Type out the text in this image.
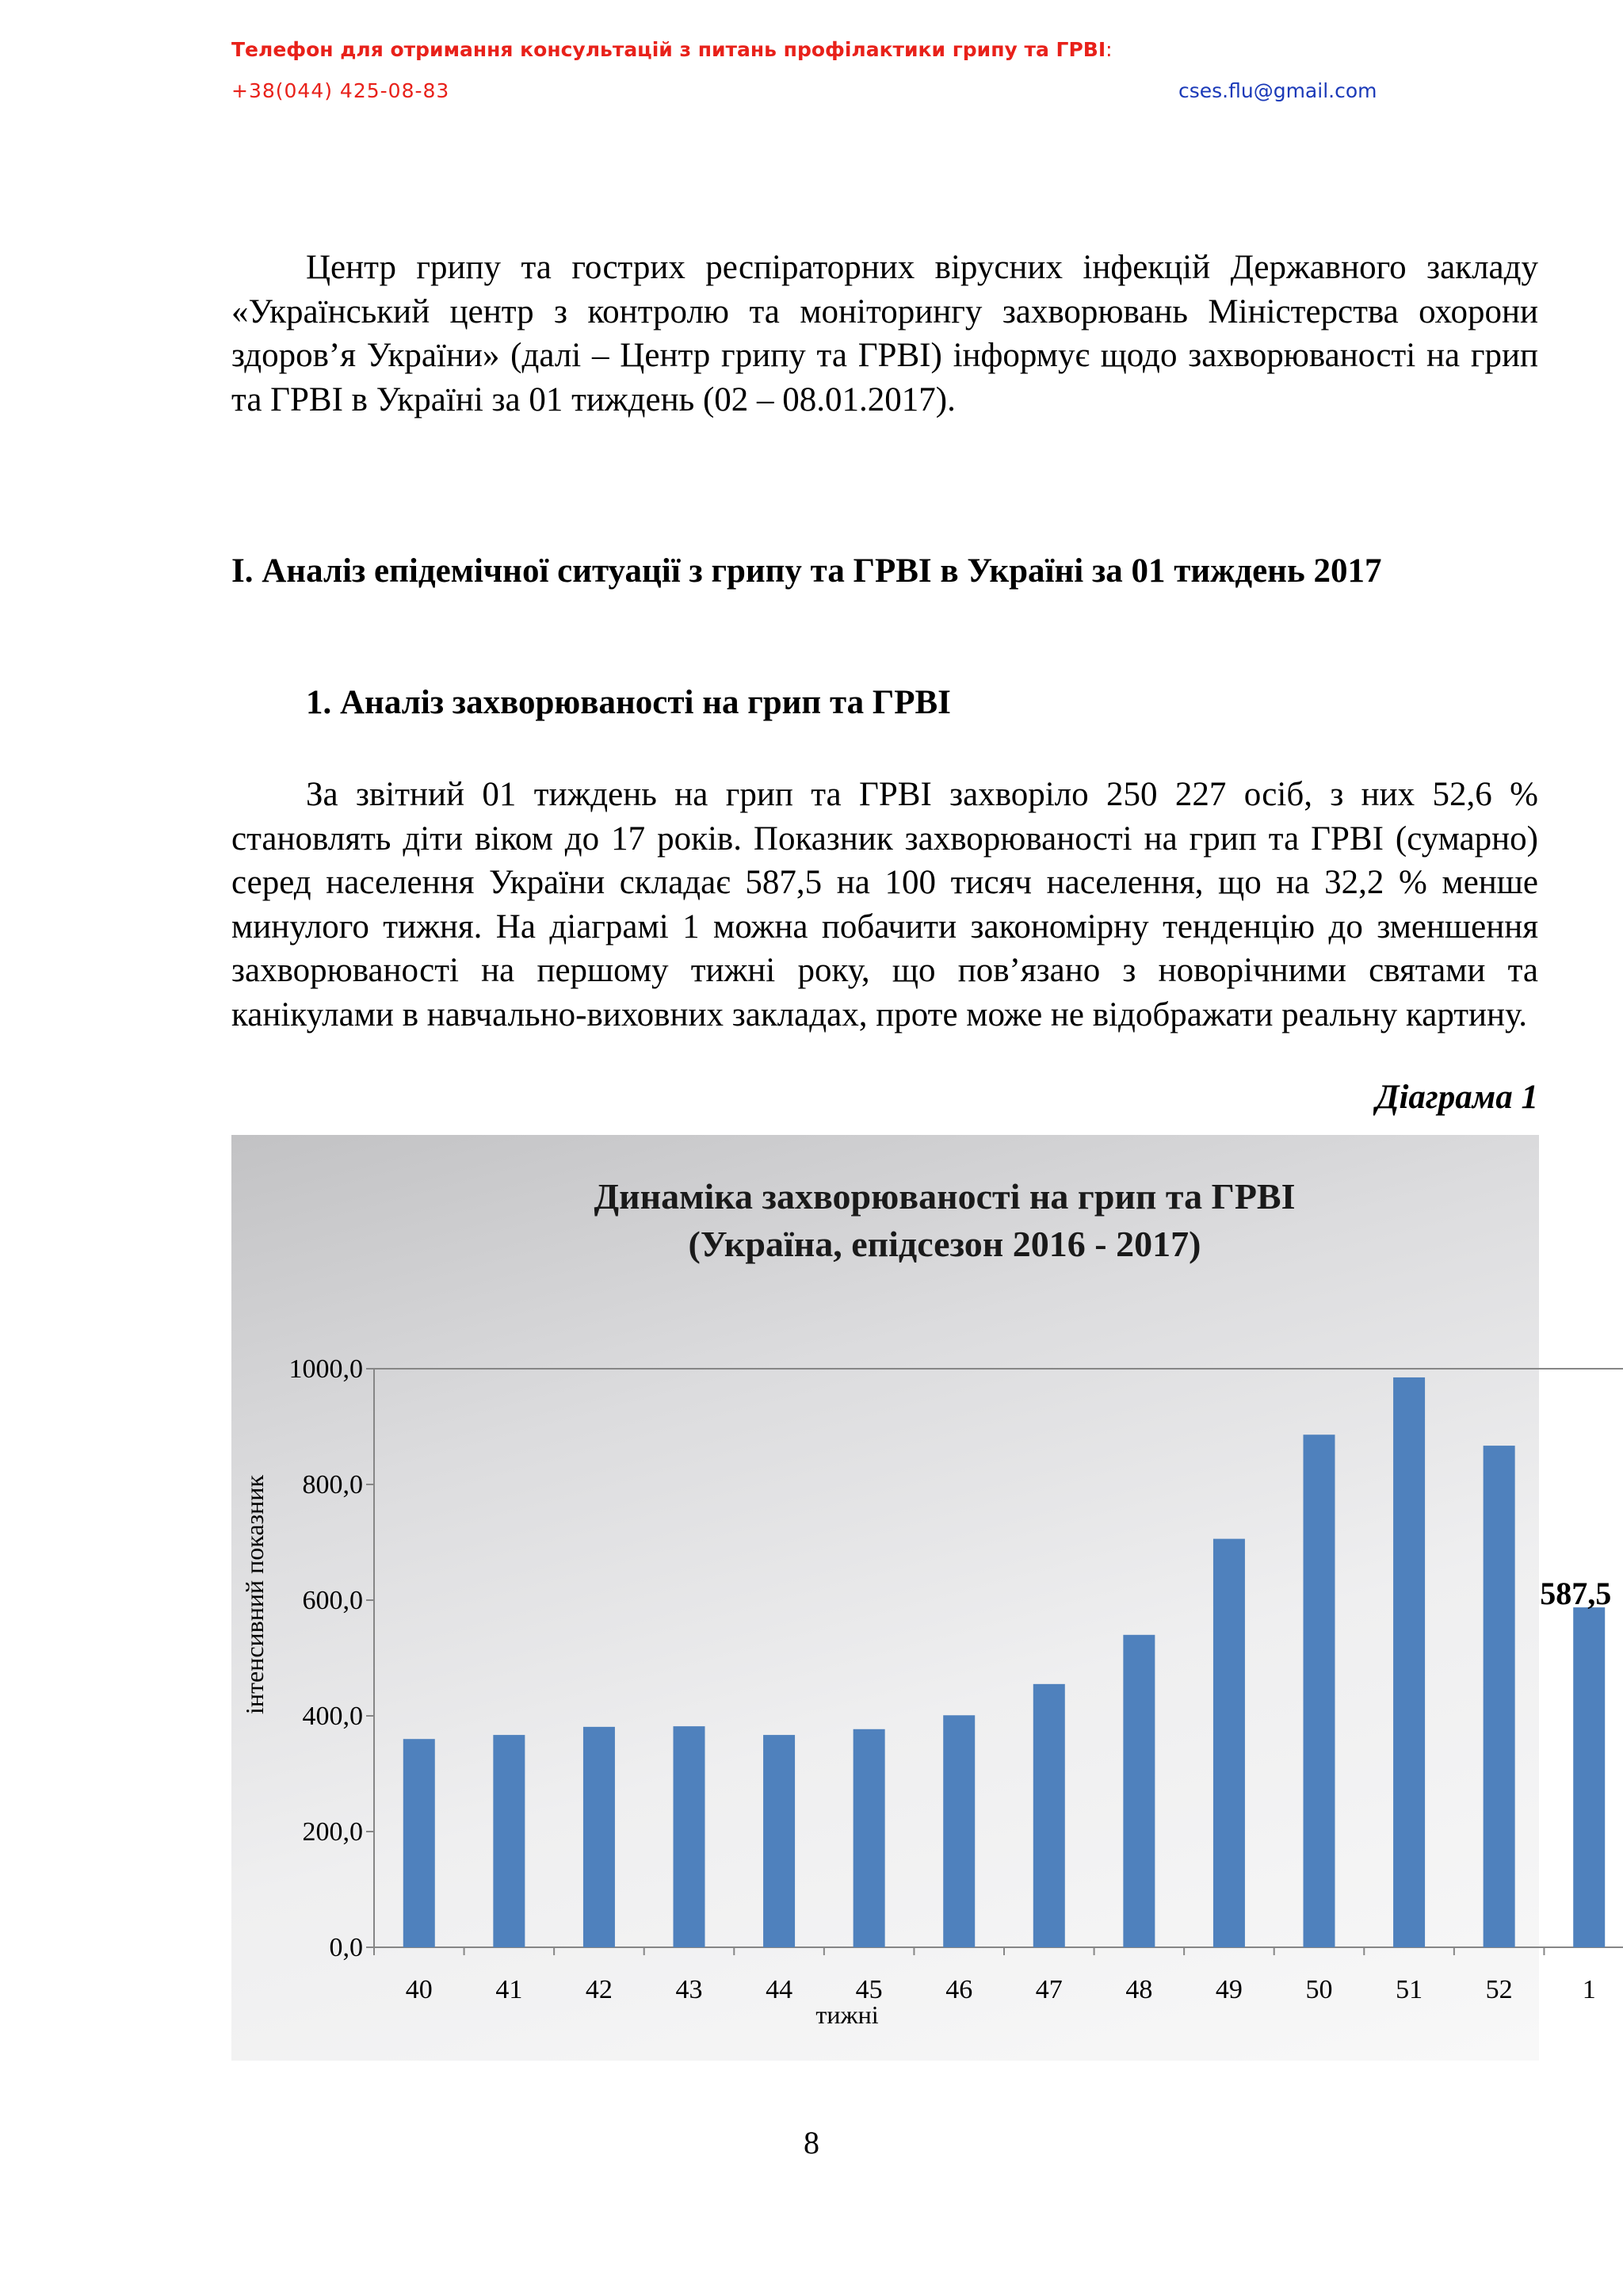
Телефон для отримання консультацій з питань профілактики грипу та ГРВІ:
+38(044) 425-08-83	cses.flu@gmail.com
Центр грипу та гострих респіраторних вірусних інфекцій Державного закладу «Український центр з контролю та моніторингу захворювань Міністерства охорони здоров’я України» (далі – Центр грипу та ГРВІ) інформує щодо захворюваності на грип та ГРВІ в Україні за 01 тиждень (02 – 08.01.2017).
І. Аналіз епідемічної ситуації з грипу та ГРВІ в Україні за 01 тиждень 2017
1. Аналіз захворюваності на грип та ГРВІ
За звітний 01 тиждень на грип та ГРВІ захворіло 250 227 осіб, з них 52,6 % становлять діти віком до 17 років. Показник захворюваності на грип та ГРВІ (сумарно) серед населення України складає 587,5 на 100 тисяч населення, що на 32,2 % менше минулого тижня. На діаграмі 1 можна побачити закономірну тенденцію до зменшення захворюваності на першому тижні року, що пов’язано з новорічними святами та канікулами в навчально-виховних закладах, проте може не відображати реальну картину.
Діаграма 1
Динаміка захворюваності на грип та ГРВІ
(Україна, епідсезон 2016 - 2017)
0,0
200,0
400,0
600,0
800,0
1000,0
40 41 42 43 44 45 46 47 48 49 50 51 52	1
587,5
інтенсивний показник
тижні
8
